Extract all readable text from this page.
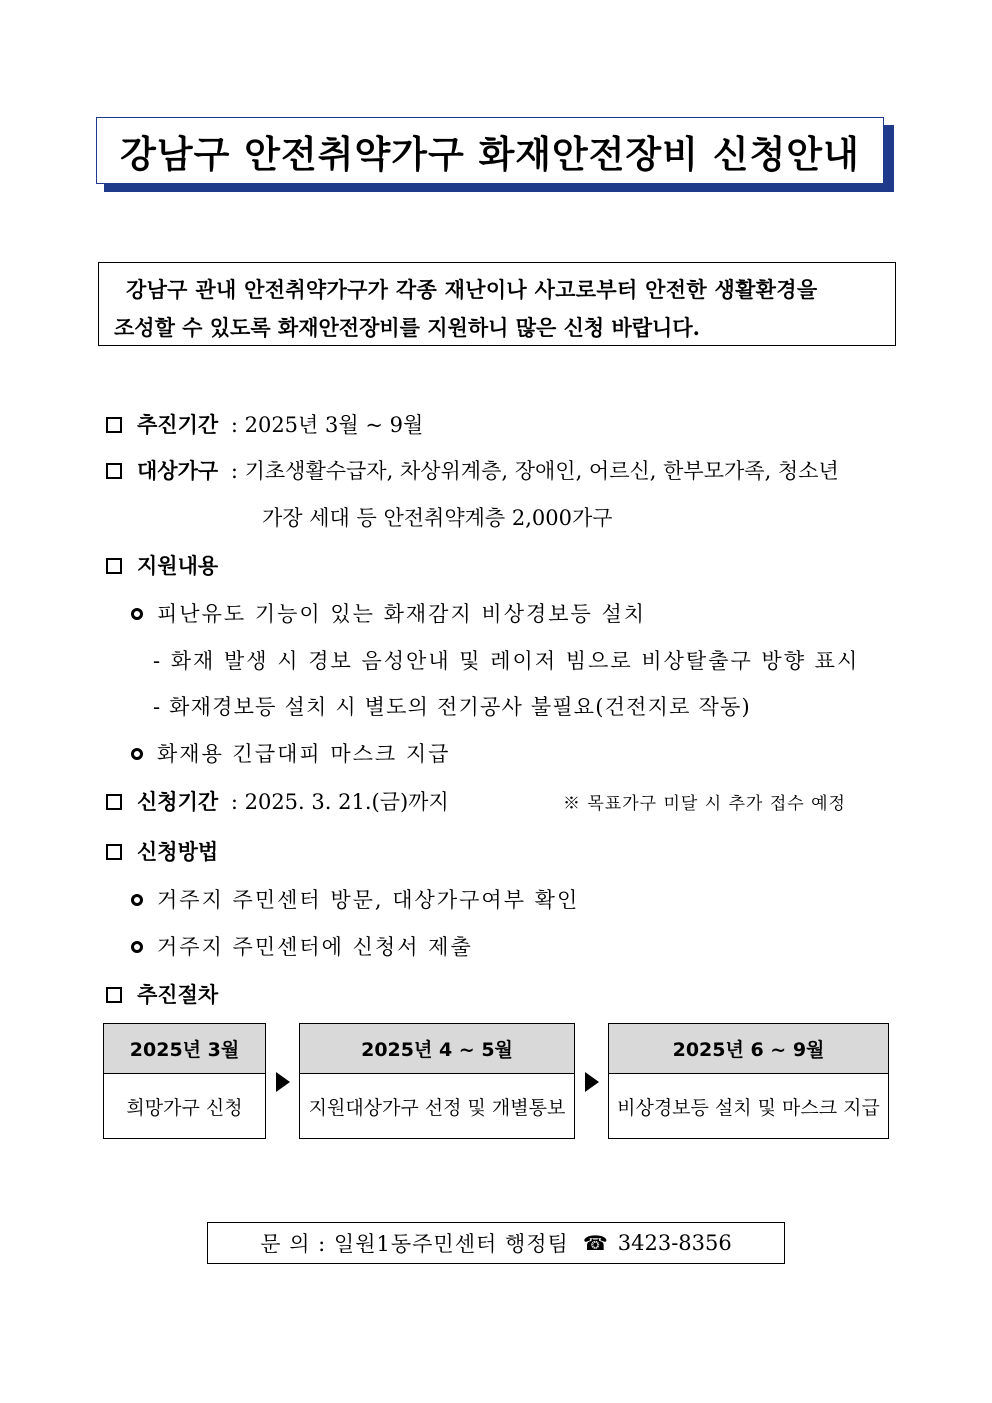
강남구 안전취약가구 화재안전장비 신청안내
강남구 관내 안전취약가구가 각종 재난이나 사고로부터 안전한 생활환경을
조성할 수 있도록 화재안전장비를 지원하니 많은 신청 바랍니다.
추진기간 : 2025년 3월 ~ 9월
대상가구 : 기초생활수급자, 차상위계층, 장애인, 어르신, 한부모가족, 청소년
가장 세대 등 안전취약계층 2,000가구
지원내용
피난유도 기능이 있는 화재감지 비상경보등 설치
- 화재 발생 시 경보 음성안내 및 레이저 빔으로 비상탈출구 방향 표시
- 화재경보등 설치 시 별도의 전기공사 불필요(건전지로 작동)
화재용 긴급대피 마스크 지급
신청기간 : 2025. 3. 21.(금)까지	※ 목표가구 미달 시 추가 접수 예정
신청방법
거주지 주민센터 방문, 대상가구여부 확인
거주지 주민센터에 신청서 제출
추진절차
2025년 3월
희망가구 신청
2025년 4 ~ 5월
지원대상가구 선정 및 개별통보
2025년 6 ~ 9월
비상경보등 설치 및 마스크 지급
문 의 : 일원1동주민센터 행정팀 ☎ 3423-8356
